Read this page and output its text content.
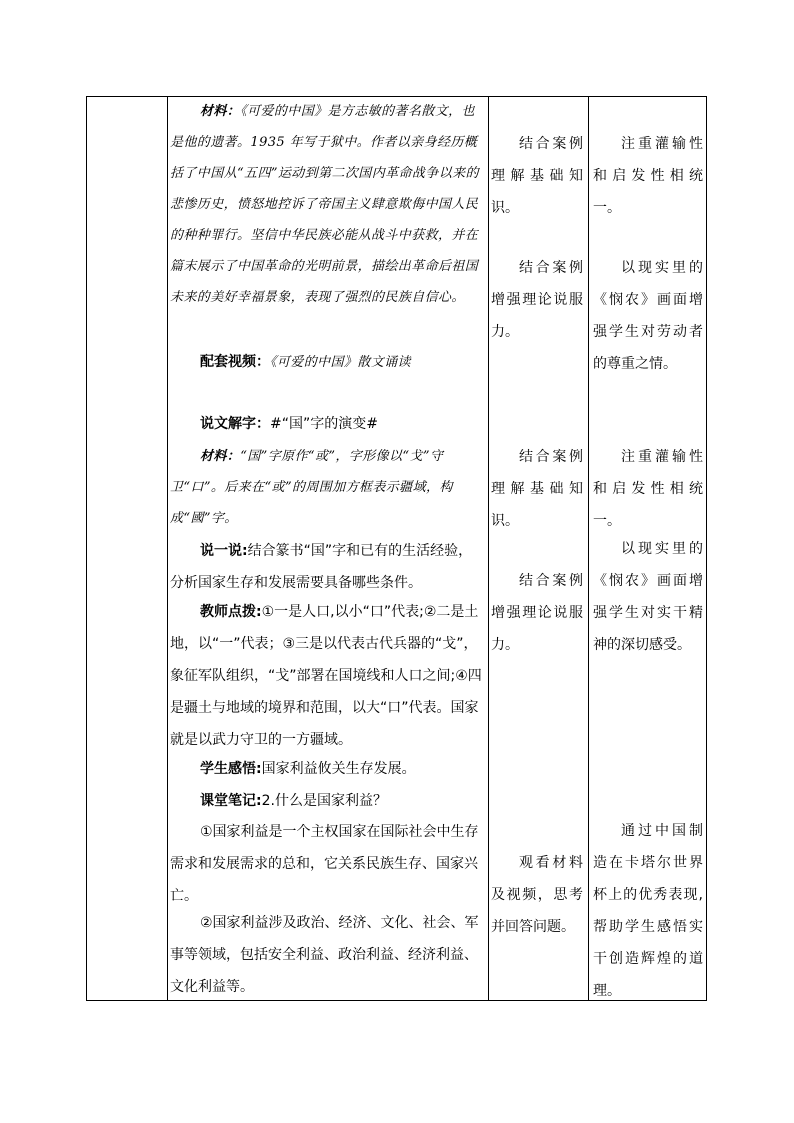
材料：《可爱的中国》是方志敏的著名散文，也是他的遗著。1935 年写于狱中。作者以亲身经历概括了中国从“五四”运动到第二次国内革命战争以来的悲惨历史，愤怒地控诉了帝国主义肆意欺侮中国人民的种种罪行。坚信中华民族必能从战斗中获救，并在篇末展示了中国革命的光明前景，描绘出革命后祖国未来的美好幸福景象，表现了强烈的民族自信心。
配套视频：《可爱的中国》散文诵读
说文解字：#“国”字的演变#
材料：“国”字原作“或”，字形像以“戈”守卫“口”。后来在“或”的周围加方框表示疆域，构成“國”字。
说一说:结合篆书“国”字和已有的生活经验，分析国家生存和发展需要具备哪些条件。
教师点拨:①一是人口,以小“口”代表;②二是土地，以“一”代表；③三是以代表古代兵器的“戈”，象征军队组织，“戈”部署在国境线和人口之间;④四是疆土与地域的境界和范围，以大“口”代表。国家就是以武力守卫的一方疆域。
学生感悟:国家利益攸关生存发展。
课堂笔记:2.什么是国家利益？
①国家利益是一个主权国家在国际社会中生存需求和发展需求的总和，它关系民族生存、国家兴亡。
②国家利益涉及政治、经济、文化、社会、军事等领域，包括安全利益、政治利益、经济利益、文化利益等。
结合案例理解基础知识。
结合案例增强理论说服力。
结合案例理解基础知识。
结合案例增强理论说服力。
观看材料及视频，思考并回答问题。
注重灌输性和启发性相统一。
以现实里的《悯农》画面增强学生对劳动者的尊重之情。
注重灌输性和启发性相统一。
以现实里的《悯农》画面增强学生对实干精神的深切感受。
通过中国制造在卡塔尔世界杯上的优秀表现,帮助学生感悟实干创造辉煌的道理。
